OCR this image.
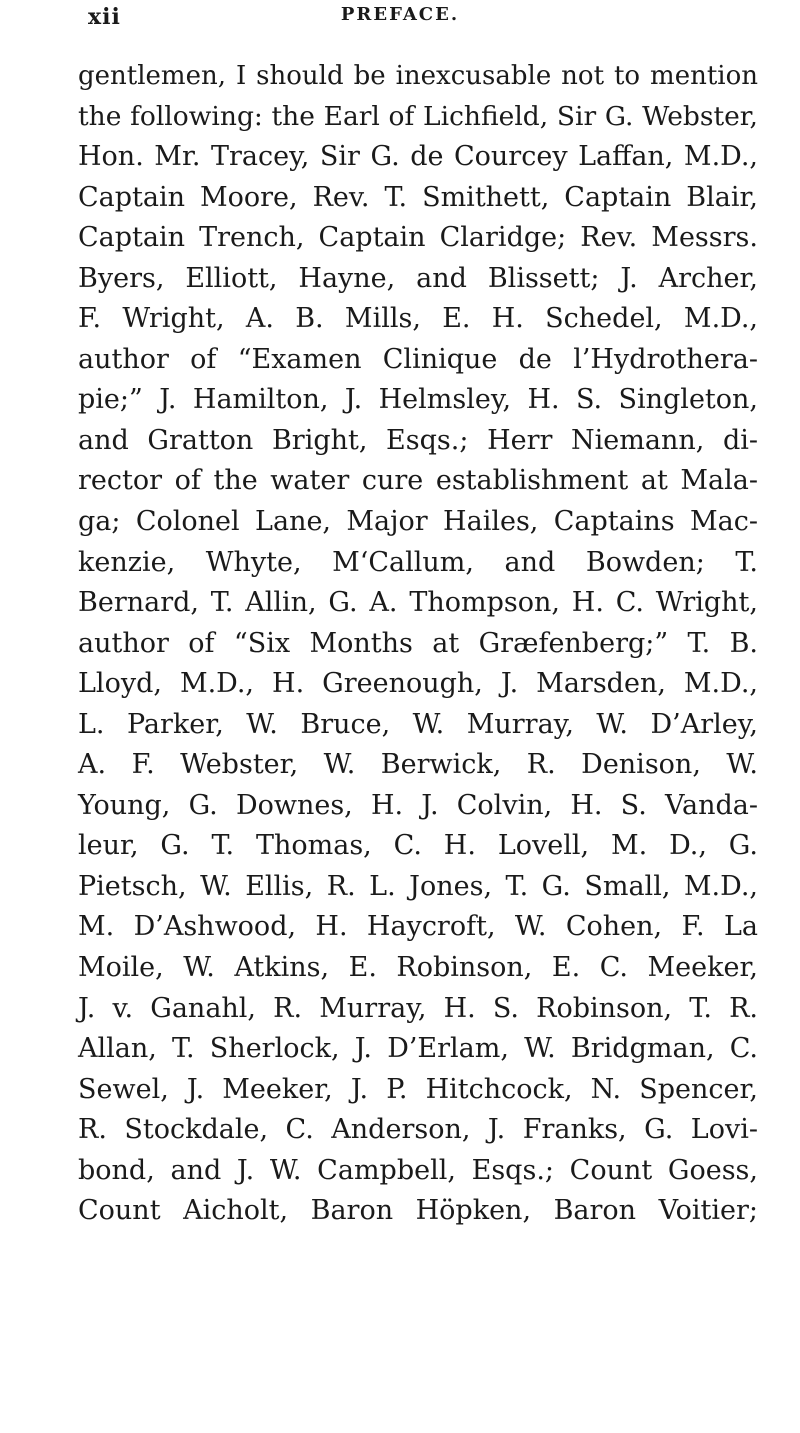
xii	PREFACE.
gentlemen, I should be inexcusable not to mention
the following: the Earl of Lichfield, Sir G. Webster,
Hon. Mr. Tracey, Sir G. de Courcey Laffan, M.D.,
Captain Moore, Rev. T. Smithett, Captain Blair,
Captain Trench, Captain Claridge; Rev. Messrs.
Byers, Elliott, Hayne, and Blissett; J. Archer,
F. Wright, A. B. Mills, E. H. Schedel, M.D.,
author of “Examen Clinique de l’Hydrothera-
pie;” J. Hamilton, J. Helmsley, H. S. Singleton,
and Gratton Bright, Esqs.; Herr Niemann, di-
rector of the water cure establishment at Mala-
ga; Colonel Lane, Major Hailes, Captains Mac-
kenzie, Whyte, M‘Callum, and Bowden; T.
Bernard, T. Allin, G. A. Thompson, H. C. Wright,
author of “Six Months at Græfenberg;” T. B.
Lloyd, M.D., H. Greenough, J. Marsden, M.D.,
L. Parker, W. Bruce, W. Murray, W. D’Arley,
A. F. Webster, W. Berwick, R. Denison, W.
Young, G. Downes, H. J. Colvin, H. S. Vanda-
leur, G. T. Thomas, C. H. Lovell, M. D., G.
Pietsch, W. Ellis, R. L. Jones, T. G. Small, M.D.,
M. D’Ashwood, H. Haycroft, W. Cohen, F. La
Moile, W. Atkins, E. Robinson, E. C. Meeker,
J. v. Ganahl, R. Murray, H. S. Robinson, T. R.
Allan, T. Sherlock, J. D’Erlam, W. Bridgman, C.
Sewel, J. Meeker, J. P. Hitchcock, N. Spencer,
R. Stockdale, C. Anderson, J. Franks, G. Lovi-
bond, and J. W. Campbell, Esqs.; Count Goess,
Count Aicholt, Baron Höpken, Baron Voitier;
